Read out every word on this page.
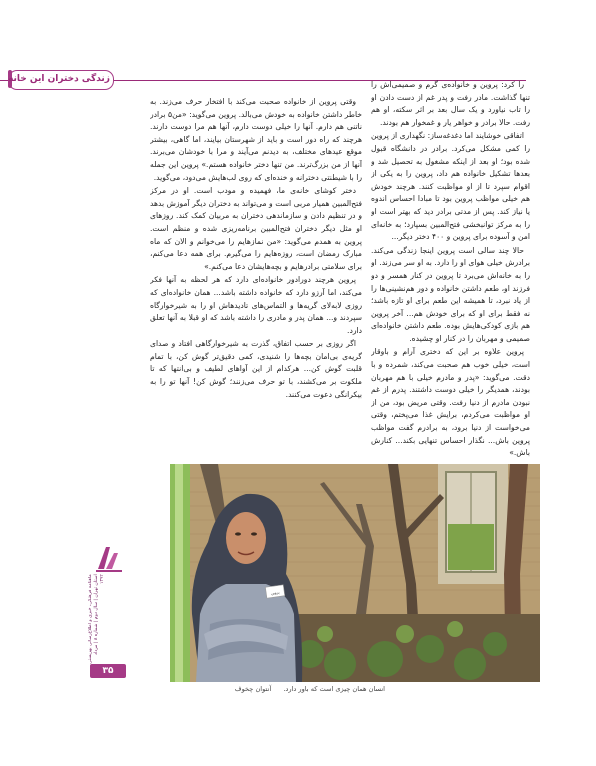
زندگی دختران این خانه

را کرد: پروین و خانواده‌ی گرم و صمیمی‌اش را تنها گذاشت. مادر رفت و پدر غم از دست دادن او را تاب نیاورد و یک سال بعد بر اثر سکته، او هم رفت. حالا برادر و خواهر یار و غمخوار هم بودند.

اتفاقی خوشایند اما دغدغه‌ساز: نگهداری از پروین را کمی مشکل می‌کرد. برادر در دانشگاه قبول شده بود؛ او بعد از اینکه مشغول به تحصیل شد و بعدها تشکیل خانواده هم داد، پروین را به یکی از اقوام سپرد تا از او مواظبت کنند. هرچند خودش هم خیلی مواظب پروین بود تا مبادا احساس اندوه یا نیاز کند. پس از مدتی برادر دید که بهتر است او را به مرکز توانبخشی فتح‌المبین بسپارد؛ به خانه‌ای امن و آسوده برای پروین و ۴۰۰ دختر دیگر...

حالا چند سالی است پروین اینجا زندگی می‌کند. برادرش خیلی هوای او را دارد. به او سر می‌زند. او را به خانه‌اش می‌برد تا پروین در کنار همسر و دو فرزند او، طعم داشتن خانواده و دور هم‌نشینی‌ها را از یاد نبرد، تا همیشه این طعم برای او تازه باشد؛ نه فقط برای او که برای خودش هم... آخر پروین هم بازی کودکی‌هایش بوده. طعم داشتن خانواده‌ای صمیمی و مهربان را در کنار او چشیده.

پروین علاوه بر این که دختری آرام و باوقار است، خیلی خوب هم صحبت می‌کند، شمرده و با دقت. می‌گوید: «پدر و مادرم خیلی با هم مهربان بودند، همدیگر را خیلی دوست داشتند. پدرم از غم نبودن مادرم از دنیا رفت. وقتی مریض بود، من از او مواظبت می‌کردم، برایش غذا می‌پختم، وقتی می‌خواست از دنیا برود، به برادرم گفت مواظب پروین باش... نگذار احساس تنهایی بکند... کنارش باش.»

وقتی پروین از خانواده صحبت می‌کند با افتخار حرف می‌زند. به خاطر داشتن خانواده به خودش می‌بالد. پروین می‌گوید: «من۵ برادر ناتنی هم دارم. آنها را خیلی دوست دارم، آنها هم مرا دوست دارند. هرچند که راه دور است و باید از شهرستان بیایند، اما گاهی، بیشتر موقع عیدهای مختلف، به دیدنم می‌آیند و مرا با خودشان می‌برند. آنها از من بزرگ‌ترند. من تنها دختر خانواده هستم.» پروین این جمله را با شیطنتی دخترانه و خنده‌ای که روی لب‌هایش می‌دود، می‌گوید.

دختر کوشای خانه‌ی ما، فهمیده و مودب است. او در مرکز فتح‌المبین همیار مربی است و می‌تواند به دختران دیگر آموزش بدهد و در تنظیم دادن و سازماندهی دختران به مربیان کمک کند. روزهای او مثل دیگر دختران فتح‌المبین برنامه‌ریزی شده و منظم است. پروین به همدم می‌گوید: «من نمازهایم را می‌خوانم و الان که ماه مبارک رمضان است، روزه‌هایم را می‌گیرم. برای همه دعا می‌کنم، برای سلامتی برادرهایم و بچه‌هایشان دعا می‌کنم.»

پروین هرچند دورادور خانواده‌ای دارد که هر لحظه به آنها فکر می‌کند، اما آرزو دارد که خانواده داشته باشد... همان خانواده‌ای که روزی لابه‌لای گریه‌ها و التماس‌های تادیدهاش او را به شیرخوارگاه سپردند و... همان پدر و مادری را داشته باشد که او قبلا به آنها تعلق دارد.

اگر روزی بر حسب اتفاق، گذرت به شیرخوارگاهی افتاد و صدای گریه‌ی بی‌امان بچه‌ها را شنیدی، کمی دقیق‌تر گوش کن، با تمام قلبت گوش کن... هرکدام از این آواهای لطیف و بی‌انتها که تا ملکوت بر می‌کشند، با تو حرف می‌زنند؛ گوش کن! آنها تو را به بیکرانگی دعوت می‌کنند.

پروین
انسان همان چیزی است که باور دارد. آنتوان چخوف
ماهنامه فرهنگی، خبری و اطلاع‌رسانی بهزیستی استان تهران | سال دوم | شماره ۸ | مرداد ۱۳۹۲
۳۵
